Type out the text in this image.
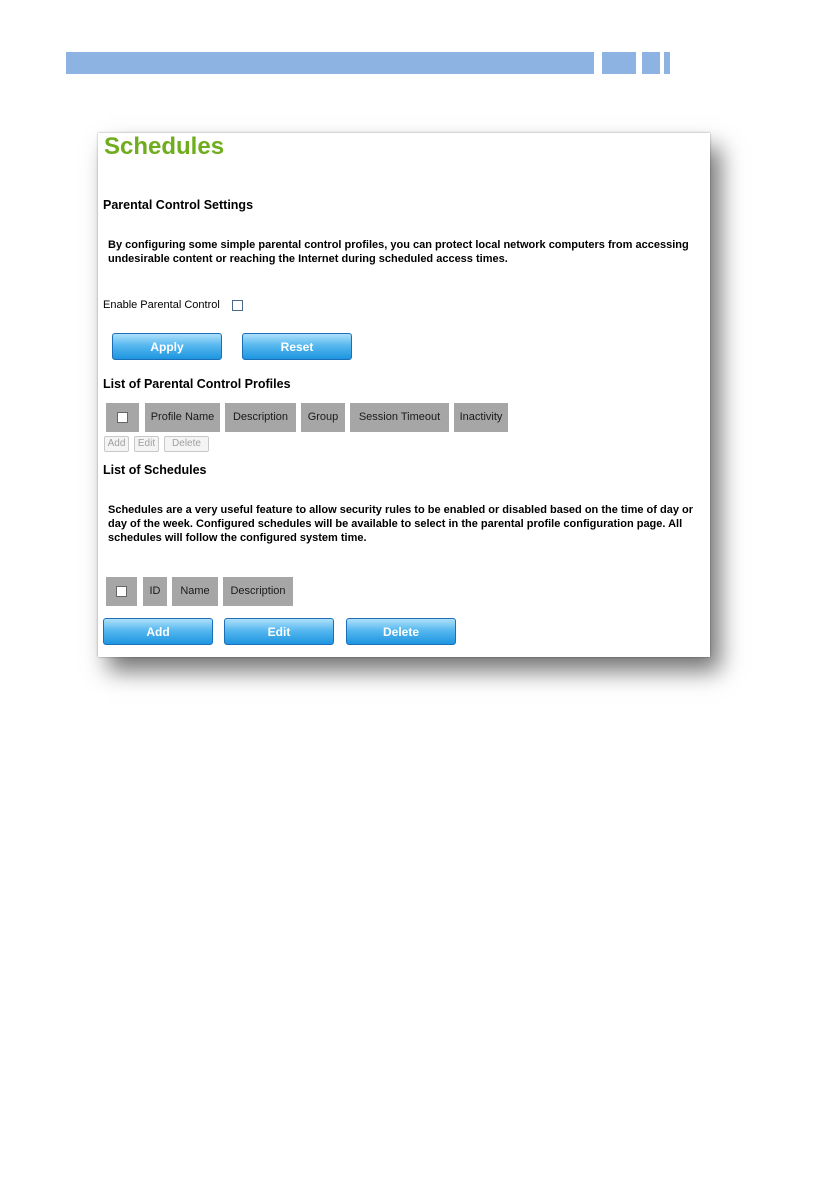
Schedules
Parental Control Settings
By configuring some simple parental control profiles, you can protect local network computers from accessing undesirable content or reaching the Internet during scheduled access times.
Enable Parental Control
Apply	Reset
List of Parental Control Profiles
Profile Name	Description	Group	Session Timeout	Inactivity
Add	Edit	Delete
List of Schedules
Schedules are a very useful feature to allow security rules to be enabled or disabled based on the time of day or day of the week. Configured schedules will be available to select in the parental profile configuration page. All schedules will follow the configured system time.
ID	Name	Description
Add	Edit	Delete
